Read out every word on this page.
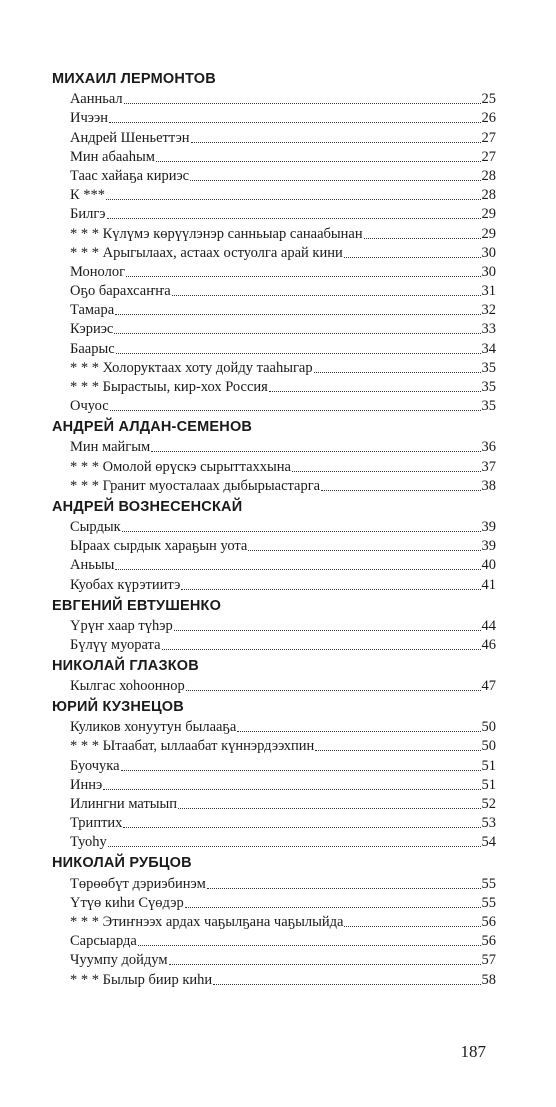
МИХАИЛ ЛЕРМОНТОВ
Аанньал	25
Ичээн	26
Андрей Шеньеттэн	27
Мин абааһым	27
Таас хайаҕа кириэс	28
К ***	28
Билгэ	29
* * * Күлүмэ көрүүлэнэр санньыар санаабынан	29
* * * Арыгылаах, астаах остуолга арай кини	30
Монолог	30
Оҕо барахсаҥҥа	31
Тамара	32
Кэриэс	33
Баарыс	34
* * * Холоруктаах хоту дойду тааһыгар	35
* * * Бырастыы, кир-хох Россия	35
Очуос	35
АНДРЕЙ АЛДАН-СЕМЕНОВ
Мин майгым	36
* * * Омолой өрүскэ сырыттаххына	37
* * * Гранит муосталаах дыбырыастарга	38
АНДРЕЙ ВОЗНЕСЕНСКАЙ
Сырдык	39
Ыраах сырдык хараҕын уота	39
Аньыы	40
Куобах күрэтиитэ	41
ЕВГЕНИЙ ЕВТУШЕНКО
Үрүҥ хаар түһэр	44
Бүлүү муората	46
НИКОЛАЙ ГЛАЗКОВ
Кылгас хоһооннор	47
ЮРИЙ КУЗНЕЦОВ
Куликов хонуутун былааҕа	50
* * * Ытаабат, ыллаабат күннэрдээхпин	50
Буочука	51
Иннэ	51
Илингни матыып	52
Триптих	53
Туоһу	54
НИКОЛАЙ РУБЦОВ
Төрөөбүт дэриэбинэм	55
Үтүө киһи Сүөдэр	55
* * * Этиҥнээх ардах чаҕылҕана чаҕылыйда	56
Сарсыарда	56
Чуумпу дойдум	57
* * * Былыр биир киһи	58
187
